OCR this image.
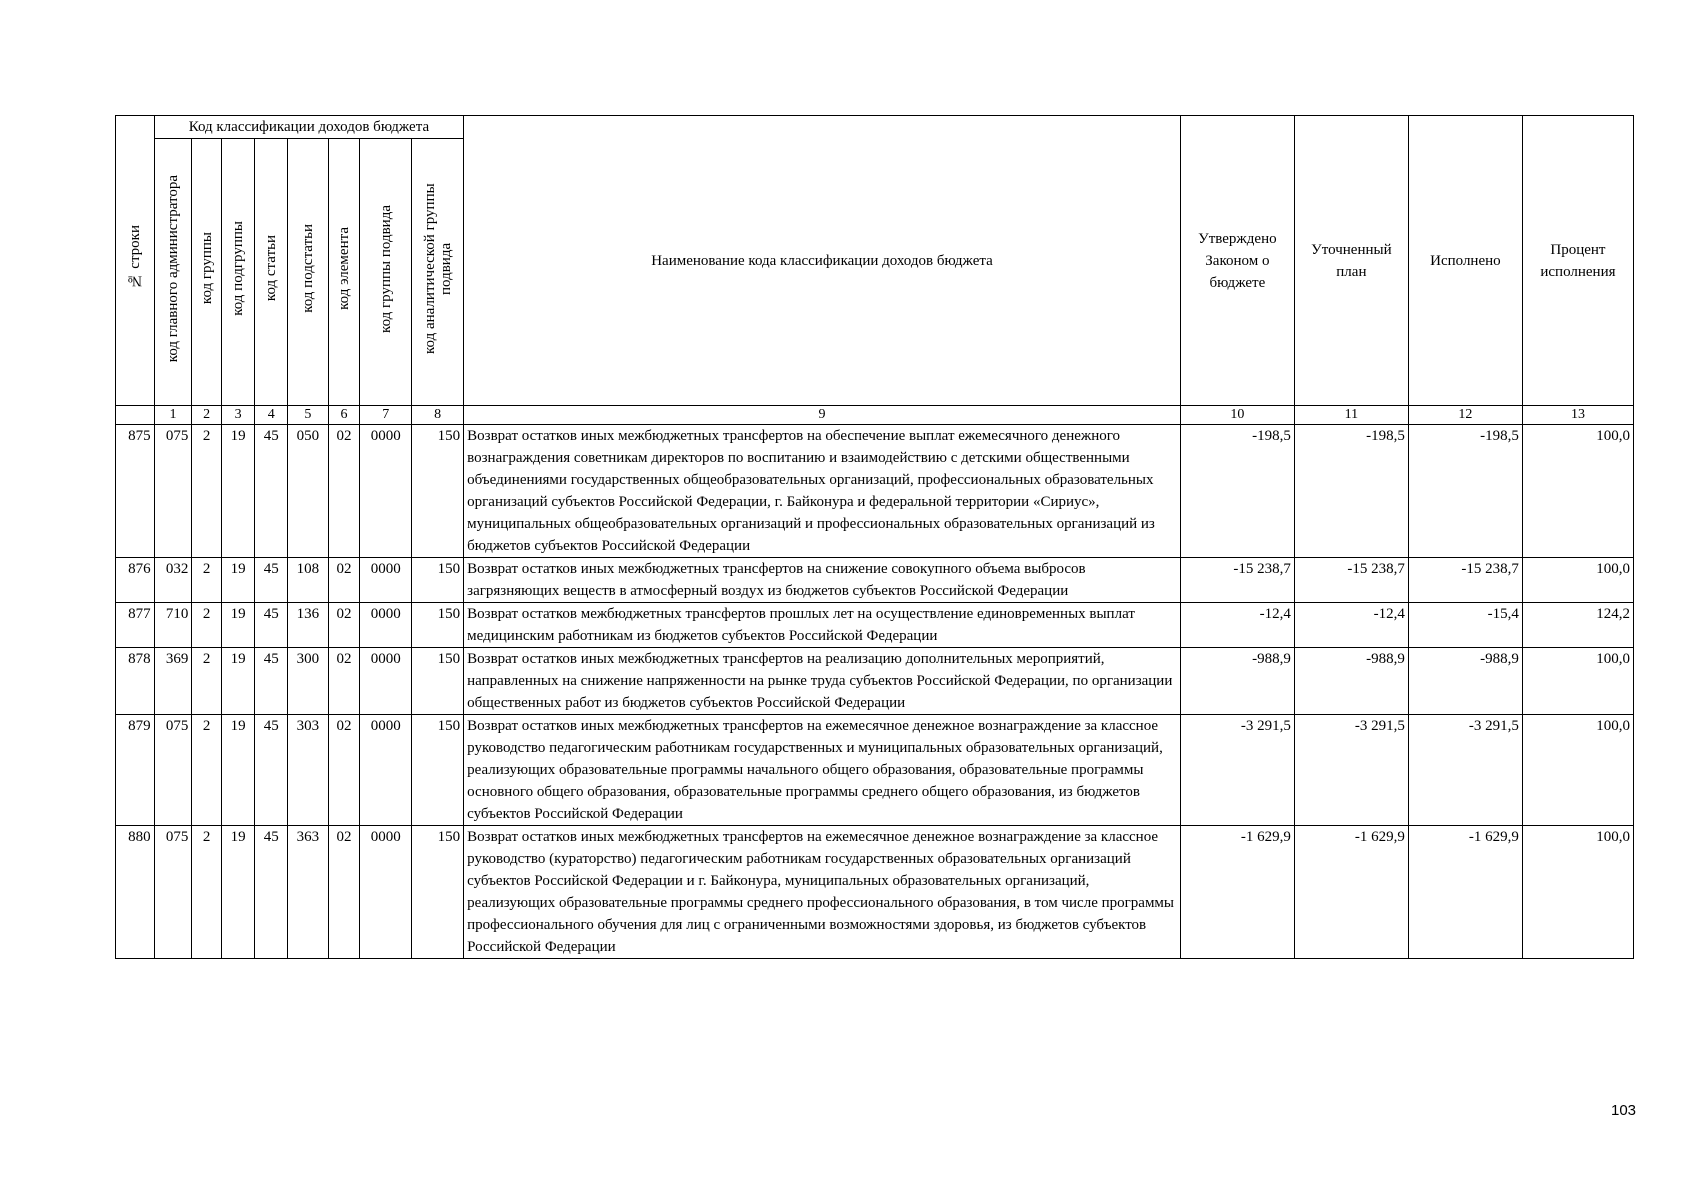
№ строки	Код классификации доходов бюджета								Наименование кода классификации доходов бюджета	Утверждено Законом о бюджете	Уточненный план	Исполнено	Процент исполнения
	код главного администратора	код группы	код подгруппы	код статьи	код подстатьи	код элемента	код группы подвида	код аналитической группы подвида					
	1	2	3	4	5	6	7	8	9	10	11	12	13
875	075	2	19	45	050	02	0000	150	Возврат остатков иных межбюджетных трансфертов на обеспечение выплат ежемесячного денежного вознаграждения советникам директоров по воспитанию и взаимодействию с детскими общественными объединениями государственных общеобразовательных организаций, профессиональных образовательных организаций субъектов Российской Федерации, г. Байконура и федеральной территории «Сириус», муниципальных общеобразовательных организаций и профессиональных образовательных организаций из бюджетов субъектов Российской Федерации	-198,5	-198,5	-198,5	100,0
876	032	2	19	45	108	02	0000	150	Возврат остатков иных межбюджетных трансфертов на снижение совокупного объема выбросов загрязняющих веществ в атмосферный воздух из бюджетов субъектов Российской Федерации	-15 238,7	-15 238,7	-15 238,7	100,0
877	710	2	19	45	136	02	0000	150	Возврат остатков межбюджетных трансфертов прошлых лет на осуществление единовременных выплат медицинским работникам из бюджетов субъектов Российской Федерации	-12,4	-12,4	-15,4	124,2
878	369	2	19	45	300	02	0000	150	Возврат остатков иных межбюджетных трансфертов на реализацию дополнительных мероприятий, направленных на снижение напряженности на рынке труда субъектов Российской Федерации, по организации общественных работ из бюджетов субъектов Российской Федерации	-988,9	-988,9	-988,9	100,0
879	075	2	19	45	303	02	0000	150	Возврат остатков иных межбюджетных трансфертов на ежемесячное денежное вознаграждение за классное руководство педагогическим работникам государственных и муниципальных образовательных организаций, реализующих образовательные программы начального общего образования, образовательные программы основного общего образования, образовательные программы среднего общего образования, из бюджетов субъектов Российской Федерации	-3 291,5	-3 291,5	-3 291,5	100,0
880	075	2	19	45	363	02	0000	150	Возврат остатков иных межбюджетных трансфертов на ежемесячное денежное вознаграждение за классное руководство (кураторство) педагогическим работникам государственных образовательных организаций субъектов Российской Федерации и г. Байконура, муниципальных образовательных организаций, реализующих образовательные программы среднего профессионального образования, в том числе программы профессионального обучения для лиц с ограниченными возможностями здоровья, из бюджетов субъектов Российской Федерации	-1 629,9	-1 629,9	-1 629,9	100,0
103
